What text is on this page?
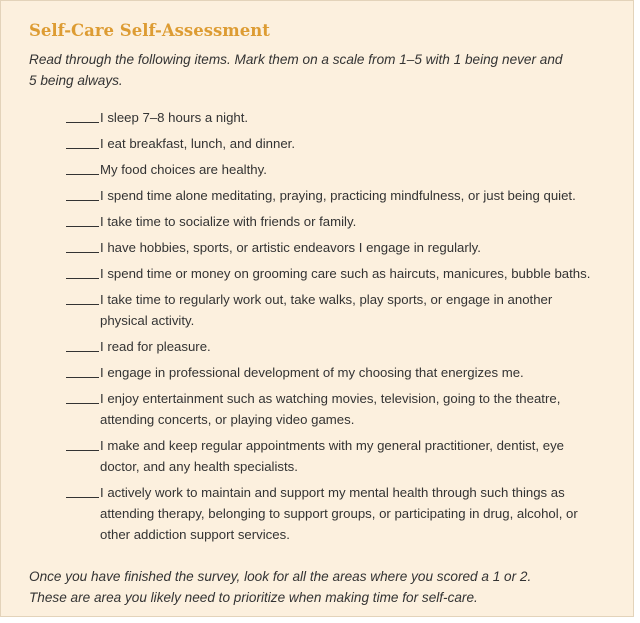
Self-Care Self-Assessment

Read through the following items. Mark them on a scale from 1–5 with 1 being never and
5 being always.

I sleep 7–8 hours a night.
I eat breakfast, lunch, and dinner.
My food choices are healthy.
I spend time alone meditating, praying, practicing mindfulness, or just being quiet.
I take time to socialize with friends or family.
I have hobbies, sports, or artistic endeavors I engage in regularly.
I spend time or money on grooming care such as haircuts, manicures, bubble baths.
I take time to regularly work out, take walks, play sports, or engage in another physical activity.
I read for pleasure.
I engage in professional development of my choosing that energizes me.
I enjoy entertainment such as watching movies, television, going to the theatre, attending concerts, or playing video games.
I make and keep regular appointments with my general practitioner, dentist, eye doctor, and any health specialists.
I actively work to maintain and support my mental health through such things as attending therapy, belonging to support groups, or participating in drug, alcohol, or other addiction support services.

Once you have finished the survey, look for all the areas where you scored a 1 or 2.
These are area you likely need to prioritize when making time for self-care.
